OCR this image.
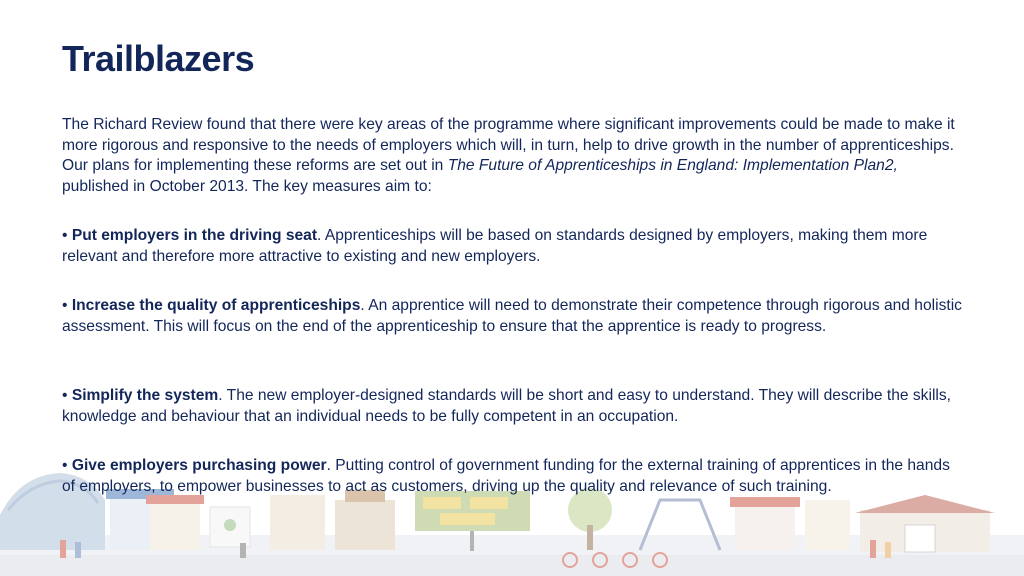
Trailblazers

The Richard Review found that there were key areas of the programme where significant improvements could be made to make it more rigorous and responsive to the needs of employers which will, in turn, help to drive growth in the number of apprenticeships. Our plans for implementing these reforms are set out in The Future of Apprenticeships in England: Implementation Plan2, published in October 2013. The key measures aim to:

• Put employers in the driving seat. Apprenticeships will be based on standards designed by employers, making them more relevant and therefore more attractive to existing and new employers.

• Increase the quality of apprenticeships. An apprentice will need to demonstrate their competence through rigorous and holistic assessment. This will focus on the end of the apprenticeship to ensure that the apprentice is ready to progress.

• Simplify the system. The new employer-designed standards will be short and easy to understand. They will describe the skills, knowledge and behaviour that an individual needs to be fully competent in an occupation.

• Give employers purchasing power. Putting control of government funding for the external training of apprentices in the hands of employers, to empower businesses to act as customers, driving up the quality and relevance of such training.
